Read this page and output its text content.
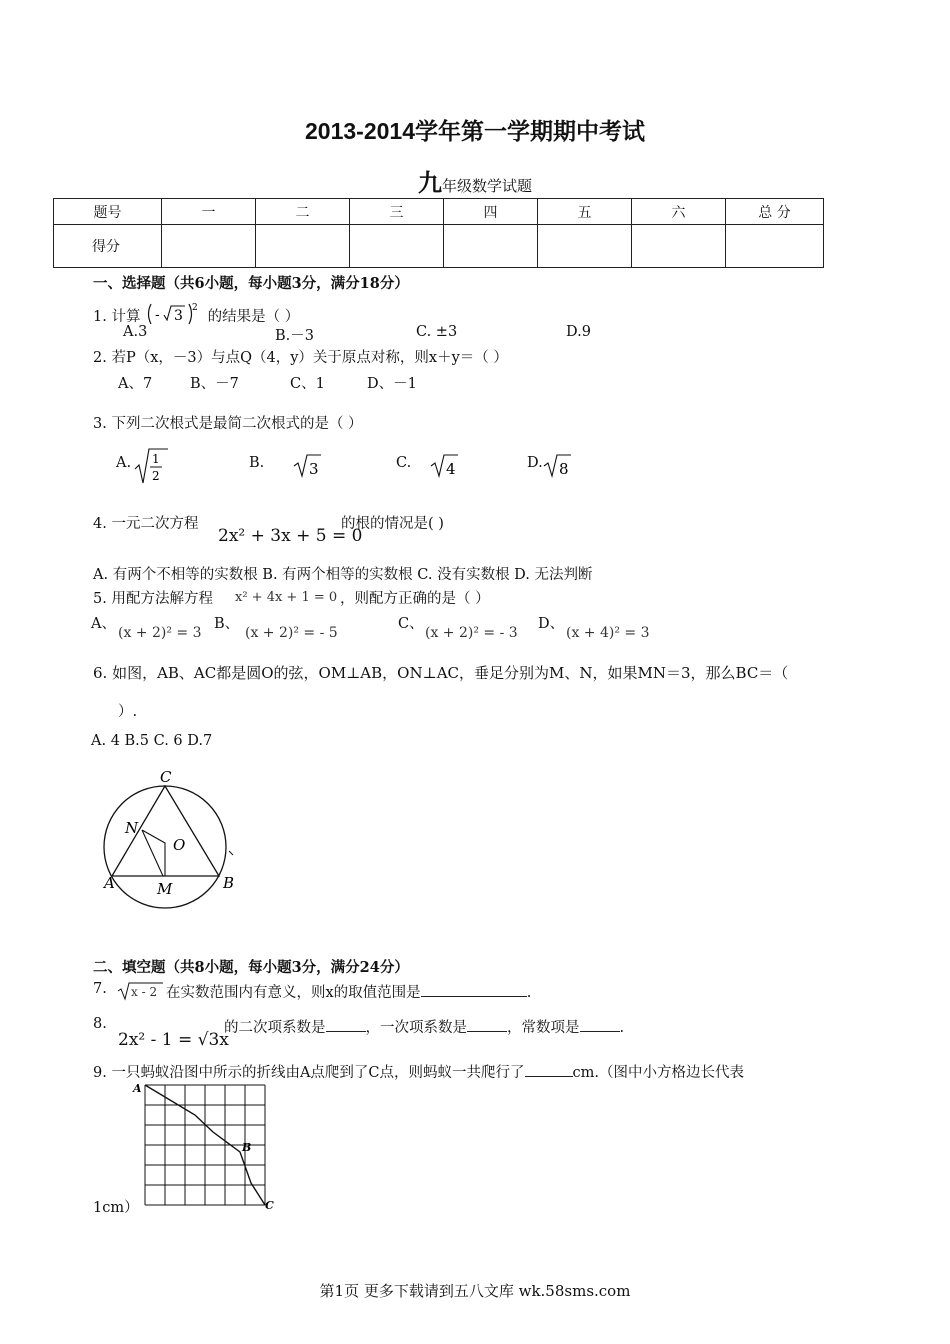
2013-2014学年第一学期期中考试
九年级数学试题
题号	一	二	三	四	五	六	总 分
得分							
一、选择题（共6小题，每小题3分，满分18分）
1. 计算 - 3 2
的结果是（ ）
A.3	B.－3	C. ±3	D.9
2. 若P（x，－3）与点Q（4，y）关于原点对称，则x＋y＝（ ）
A、7	B、－7	C、1	D、－1
3. 下列二次根式是最简二次根式的是（ ）
A. 1
2
B.	3	C. 4	D. 8
4. 一元二次方程
2x² + 3x + 5 = 0
的根的情况是( )
A. 有两个不相等的实数根 B. 有两个相等的实数根 C. 没有实数根 D. 无法判断
5. 用配方法解方程 x² + 4x + 1 = 0 ，则配方正确的是（ ）
A、
(x + 2)² = 3
B、
(x + 2)² = - 5
C、
(x + 2)² = - 3
D、
(x + 4)² = 3
6. 如图，AB、AC都是圆O的弦，OM⊥AB，ON⊥AC，垂足分别为M、N，如果MN＝3，那么BC＝（
）.
A. 4 B.5 C. 6 D.7
C
N
O
A	M	B
二、填空题（共8小题，每小题3分，满分24分）
7. x - 2 在实数范围内有意义，则x的取值范围是	.
8.
2x² - 1 = √3x
的二次项系数是	，一次项系数是	，常数项是	.
9. 一只蚂蚁沿图中所示的折线由A点爬到了C点，则蚂蚁一共爬行了	cm.（图中小方格边长代表
A
B
C
1cm）
第1页 更多下载请到五八文库 wk.58sms.com
